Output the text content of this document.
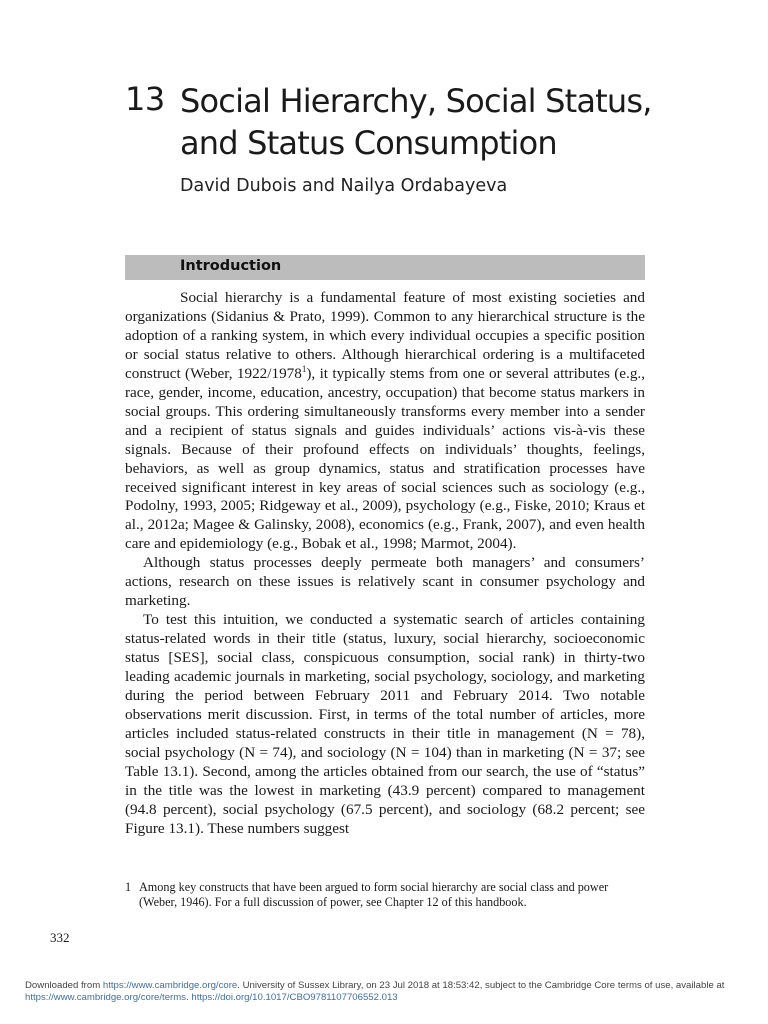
13 Social Hierarchy, Social Status,
and Status Consumption
David Dubois and Nailya Ordabayeva
Introduction

Social hierarchy is a fundamental feature of most existing societies and organizations (Sidanius & Prato, 1999). Common to any hierarchical structure is the adoption of a ranking system, in which every individual occupies a specific position or social status relative to others. Although hierarchical ordering is a multifaceted construct (Weber, 1922/1978$^1$), it typically stems from one or several attributes (e.g., race, gender, income, education, ancestry, occupation) that become status markers in social groups. This ordering simultaneously transforms every member into a sender and a recipient of status signals and guides individuals’ actions vis-à-vis these signals. Because of their profound effects on individuals’ thoughts, feelings, behaviors, as well as group dynamics, status and stratification processes have received significant interest in key areas of social sciences such as sociology (e.g., Podolny, 1993, 2005; Ridgeway et al., 2009), psychology (e.g., Fiske, 2010; Kraus et al., 2012a; Magee & Galinsky, 2008), economics (e.g., Frank, 2007), and even health care and epidemiology (e.g., Bobak et al., 1998; Marmot, 2004).

Although status processes deeply permeate both managers’ and consumers’ actions, research on these issues is relatively scant in consumer psychology and marketing.

To test this intuition, we conducted a systematic search of articles containing status-related words in their title (status, luxury, social hierarchy, socioeconomic status [SES], social class, conspicuous consumption, social rank) in thirty-two leading academic journals in marketing, social psychology, sociology, and marketing during the period between February 2011 and February 2014. Two notable observations merit discussion. First, in terms of the total number of articles, more articles included status-related constructs in their title in management (N = 78), social psychology (N = 74), and sociology (N = 104) than in marketing (N = 37; see Table 13.1). Second, among the articles obtained from our search, the use of “status” in the title was the lowest in marketing (43.9 percent) compared to management (94.8 percent), social psychology (67.5 percent), and sociology (68.2 percent; see Figure 13.1). These numbers suggest

1 Among key constructs that have been argued to form social hierarchy are social class and power
(Weber, 1946). For a full discussion of power, see Chapter 12 of this handbook.
332
Downloaded from https://www.cambridge.org/core. University of Sussex Library, on 23 Jul 2018 at 18:53:42, subject to the Cambridge Core terms of use, available at
https://www.cambridge.org/core/terms. https://doi.org/10.1017/CBO9781107706552.013
